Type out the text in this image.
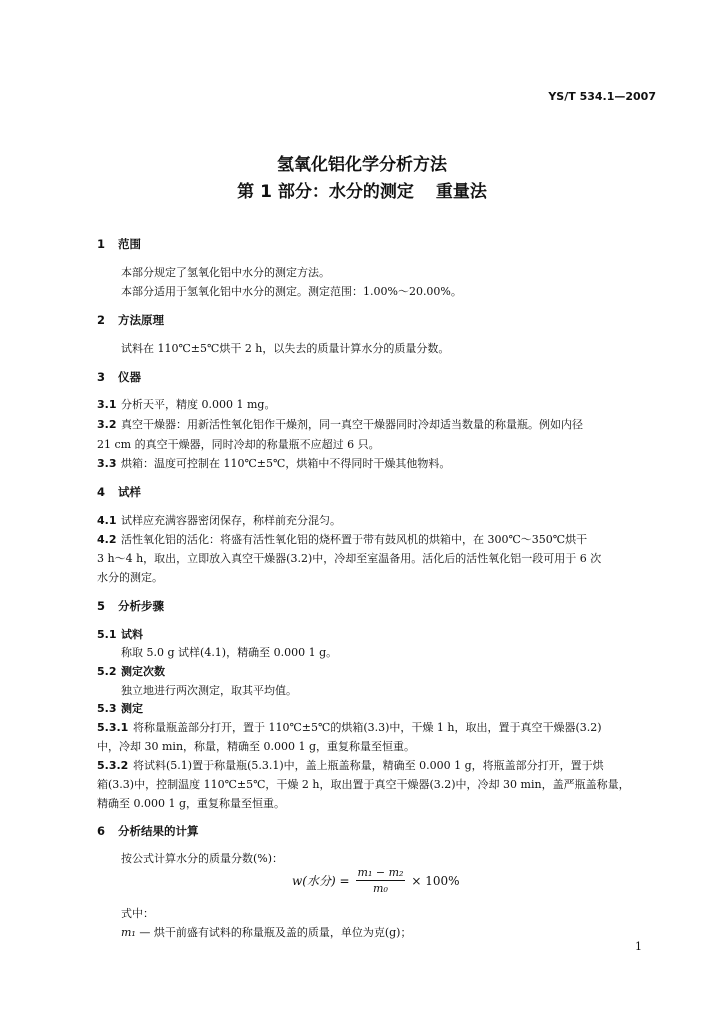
YS/T 534.1—2007
氢氧化铝化学分析方法
第 1 部分：水分的测定 重量法
1 范围
本部分规定了氢氧化铝中水分的测定方法。
本部分适用于氢氧化铝中水分的测定。测定范围：1.00%～20.00%。
2 方法原理
试料在 110℃±5℃烘干 2 h，以失去的质量计算水分的质量分数。
3 仪器
3.1 分析天平，精度 0.000 1 mg。
3.2 真空干燥器：用新活性氧化铝作干燥剂，同一真空干燥器同时冷却适当数量的称量瓶。例如内径
21 cm 的真空干燥器，同时冷却的称量瓶不应超过 6 只。
3.3 烘箱：温度可控制在 110℃±5℃，烘箱中不得同时干燥其他物料。
4 试样
4.1 试样应充满容器密闭保存，称样前充分混匀。
4.2 活性氧化铝的活化：将盛有活性氧化铝的烧杯置于带有鼓风机的烘箱中，在 300℃～350℃烘干
3 h～4 h，取出，立即放入真空干燥器(3.2)中，冷却至室温备用。活化后的活性氧化铝一段可用于 6 次
水分的测定。
5 分析步骤
5.1 试料
称取 5.0 g 试样(4.1)，精确至 0.000 1 g。
5.2 测定次数
独立地进行两次测定，取其平均值。
5.3 测定
5.3.1 将称量瓶盖部分打开，置于 110℃±5℃的烘箱(3.3)中，干燥 1 h，取出，置于真空干燥器(3.2)
中，冷却 30 min，称量，精确至 0.000 1 g，重复称量至恒重。
5.3.2 将试料(5.1)置于称量瓶(5.3.1)中，盖上瓶盖称量，精确至 0.000 1 g，将瓶盖部分打开，置于烘
箱(3.3)中，控制温度 110℃±5℃，干燥 2 h，取出置于真空干燥器(3.2)中，冷却 30 min，盖严瓶盖称量，
精确至 0.000 1 g，重复称量至恒重。
6 分析结果的计算
按公式计算水分的质量分数(%)：
w(水分) = $\frac{\text{m₁ − m₂}}{\text{m₀}} \times 100\%$
式中：
m₁ — 烘干前盛有试料的称量瓶及盖的质量，单位为克(g)；
1
